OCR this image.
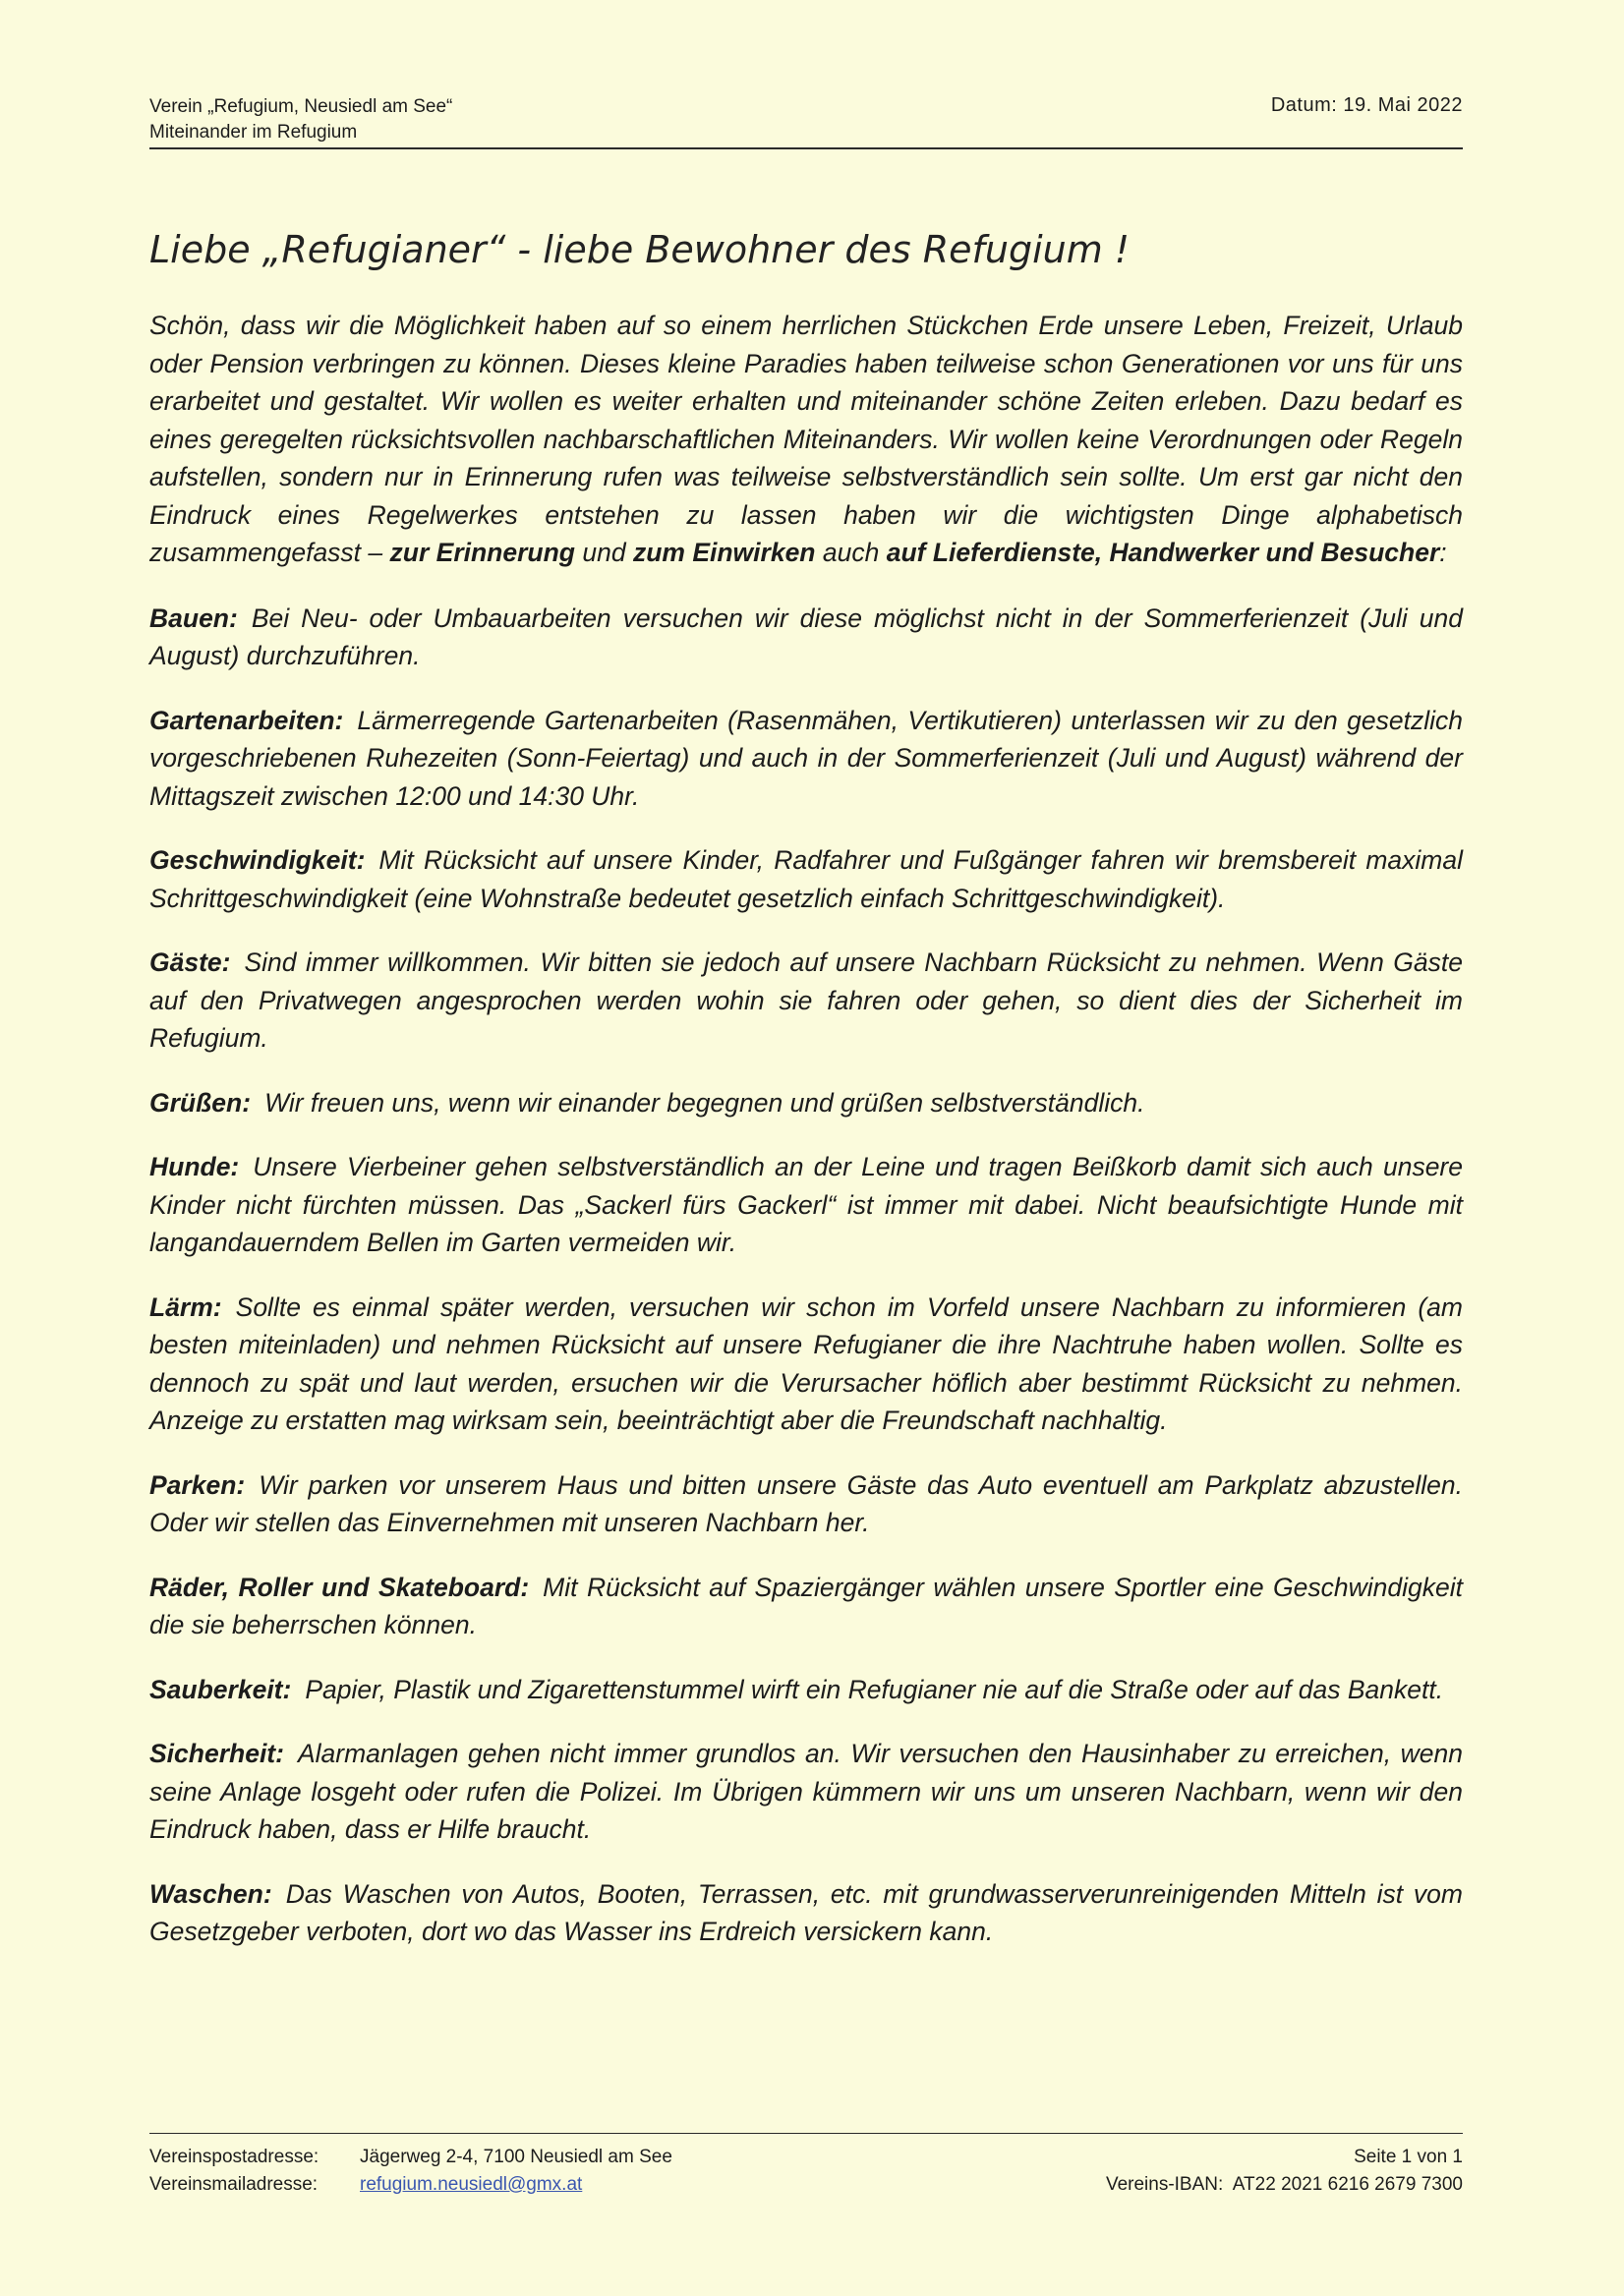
Verein „Refugium, Neusiedl am See“
Miteinander im Refugium
Datum: 19. Mai 2022
Liebe „Refugianer“ - liebe Bewohner des Refugium !

Schön, dass wir die Möglichkeit haben auf so einem herrlichen Stückchen Erde unsere Leben, Freizeit, Urlaub oder Pension verbringen zu können. Dieses kleine Paradies haben teilweise schon Generationen vor uns für uns erarbeitet und gestaltet. Wir wollen es weiter erhalten und miteinander schöne Zeiten erleben. Dazu bedarf es eines geregelten rücksichtsvollen nachbarschaftlichen Miteinanders. Wir wollen keine Verordnungen oder Regeln aufstellen, sondern nur in Erinnerung rufen was teilweise selbstverständlich sein sollte. Um erst gar nicht den Eindruck eines Regelwerkes entstehen zu lassen haben wir die wichtigsten Dinge alphabetisch zusammengefasst – zur Erinnerung und zum Einwirken auch auf Lieferdienste, Handwerker und Besucher:

Bauen: Bei Neu- oder Umbauarbeiten versuchen wir diese möglichst nicht in der Sommerferienzeit (Juli und August) durchzuführen.

Gartenarbeiten: Lärmerregende Gartenarbeiten (Rasenmähen, Vertikutieren) unterlassen wir zu den gesetzlich vorgeschriebenen Ruhezeiten (Sonn-Feiertag) und auch in der Sommerferienzeit (Juli und August) während der Mittagszeit zwischen 12:00 und 14:30 Uhr.

Geschwindigkeit: Mit Rücksicht auf unsere Kinder, Radfahrer und Fußgänger fahren wir bremsbereit maximal Schrittgeschwindigkeit (eine Wohnstraße bedeutet gesetzlich einfach Schrittgeschwindigkeit).

Gäste: Sind immer willkommen. Wir bitten sie jedoch auf unsere Nachbarn Rücksicht zu nehmen. Wenn Gäste auf den Privatwegen angesprochen werden wohin sie fahren oder gehen, so dient dies der Sicherheit im Refugium.

Grüßen: Wir freuen uns, wenn wir einander begegnen und grüßen selbstverständlich.

Hunde: Unsere Vierbeiner gehen selbstverständlich an der Leine und tragen Beißkorb damit sich auch unsere Kinder nicht fürchten müssen. Das „Sackerl fürs Gackerl“ ist immer mit dabei. Nicht beaufsichtigte Hunde mit langandauerndem Bellen im Garten vermeiden wir.

Lärm: Sollte es einmal später werden, versuchen wir schon im Vorfeld unsere Nachbarn zu informieren (am besten miteinladen) und nehmen Rücksicht auf unsere Refugianer die ihre Nachtruhe haben wollen. Sollte es dennoch zu spät und laut werden, ersuchen wir die Verursacher höflich aber bestimmt Rücksicht zu nehmen. Anzeige zu erstatten mag wirksam sein, beeinträchtigt aber die Freundschaft nachhaltig.

Parken: Wir parken vor unserem Haus und bitten unsere Gäste das Auto eventuell am Parkplatz abzustellen. Oder wir stellen das Einvernehmen mit unseren Nachbarn her.

Räder, Roller und Skateboard: Mit Rücksicht auf Spaziergänger wählen unsere Sportler eine Geschwindigkeit die sie beherrschen können.

Sauberkeit: Papier, Plastik und Zigarettenstummel wirft ein Refugianer nie auf die Straße oder auf das Bankett.

Sicherheit: Alarmanlagen gehen nicht immer grundlos an. Wir versuchen den Hausinhaber zu erreichen, wenn seine Anlage losgeht oder rufen die Polizei. Im Übrigen kümmern wir uns um unseren Nachbarn, wenn wir den Eindruck haben, dass er Hilfe braucht.

Waschen: Das Waschen von Autos, Booten, Terrassen, etc. mit grundwasserverunreinigenden Mitteln ist vom Gesetzgeber verboten, dort wo das Wasser ins Erdreich versickern kann.

Vereinspostadresse: Jägerweg 2-4, 7100 Neusiedl am See
Vereinsmailadresse: refugium.neusiedl@gmx.at
Seite 1 von 1
Vereins-IBAN: AT22 2021 6216 2679 7300
